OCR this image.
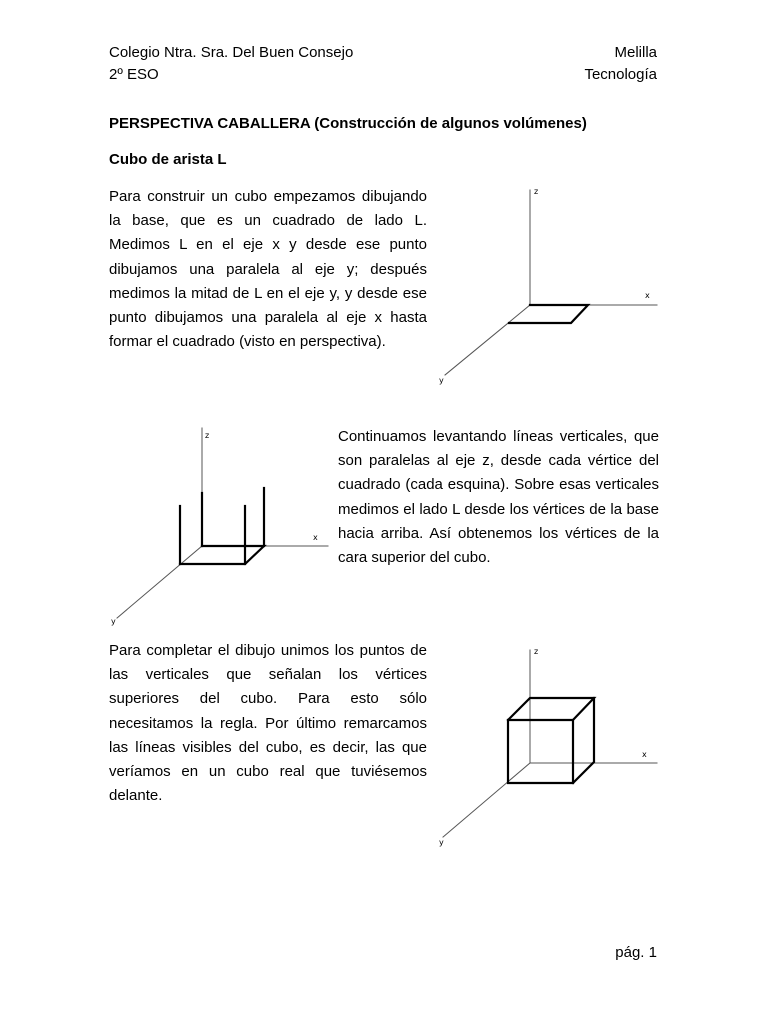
Colegio Ntra. Sra. Del Buen Consejo
2º ESO
Melilla
Tecnología
PERSPECTIVA CABALLERA (Construcción de algunos volúmenes)
Cubo de arista L

Para construir un cubo empezamos dibujando la base, que es un cuadrado de lado L. Medimos L en el eje x y desde ese punto dibujamos una paralela al eje y; después medimos la mitad de L en el eje y, y desde ese punto dibujamos una paralela al eje x hasta formar el cuadrado (visto en perspectiva).

Continuamos levantando líneas verticales, que son paralelas al eje z, desde cada vértice del cuadrado (cada esquina). Sobre esas verticales medimos el lado L desde los vértices de la base hacia arriba. Así obtenemos los vértices de la cara superior del cubo.

Para completar el dibujo unimos los puntos de las verticales que señalan los vértices superiores del cubo. Para esto sólo necesitamos la regla. Por último remarcamos las líneas visibles del cubo, es decir, las que veríamos en un cubo real que tuviésemos delante.

z
x
y
z
x
y
z
x
y
pág. 1
